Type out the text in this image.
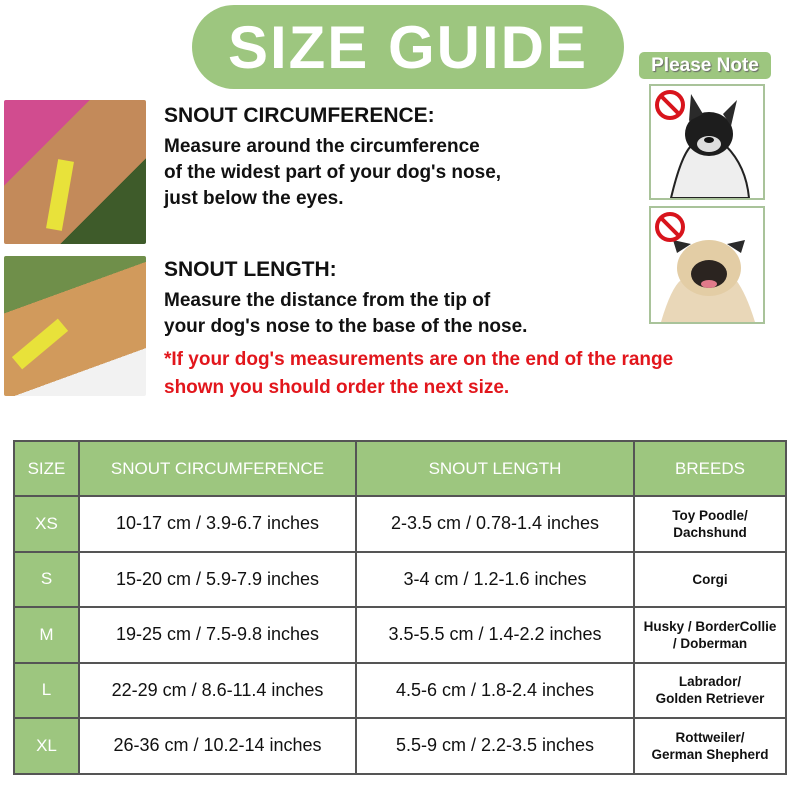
SIZE GUIDE	Please Note
SNOUT CIRCUMFERENCE:

Measure around the circumference

of the widest part of your dog's nose,

just below the eyes.

SNOUT LENGTH:

Measure the distance from the tip of

your dog's nose to the base of the nose.

*If your dog's measurements are on the end of the range
shown you should order the next size.
SIZE	SNOUT CIRCUMFERENCE	SNOUT LENGTH	BREEDS
XS	10-17 cm / 3.9-6.7 inches	2-3.5 cm / 0.78-1.4 inches	Toy Poodle/
Dachshund

S	15-20 cm / 5.9-7.9 inches	3-4 cm / 1.2-1.6 inches	Corgi

M	19-25 cm / 7.5-9.8 inches	3.5-5.5 cm / 1.4-2.2 inches	Husky / BorderCollie
/ Doberman

L	22-29 cm / 8.6-11.4 inches	4.5-6 cm / 1.8-2.4 inches	Labrador/
Golden Retriever

XL	26-36 cm / 10.2-14 inches	5.5-9 cm / 2.2-3.5 inches	Rottweiler/
German Shepherd
